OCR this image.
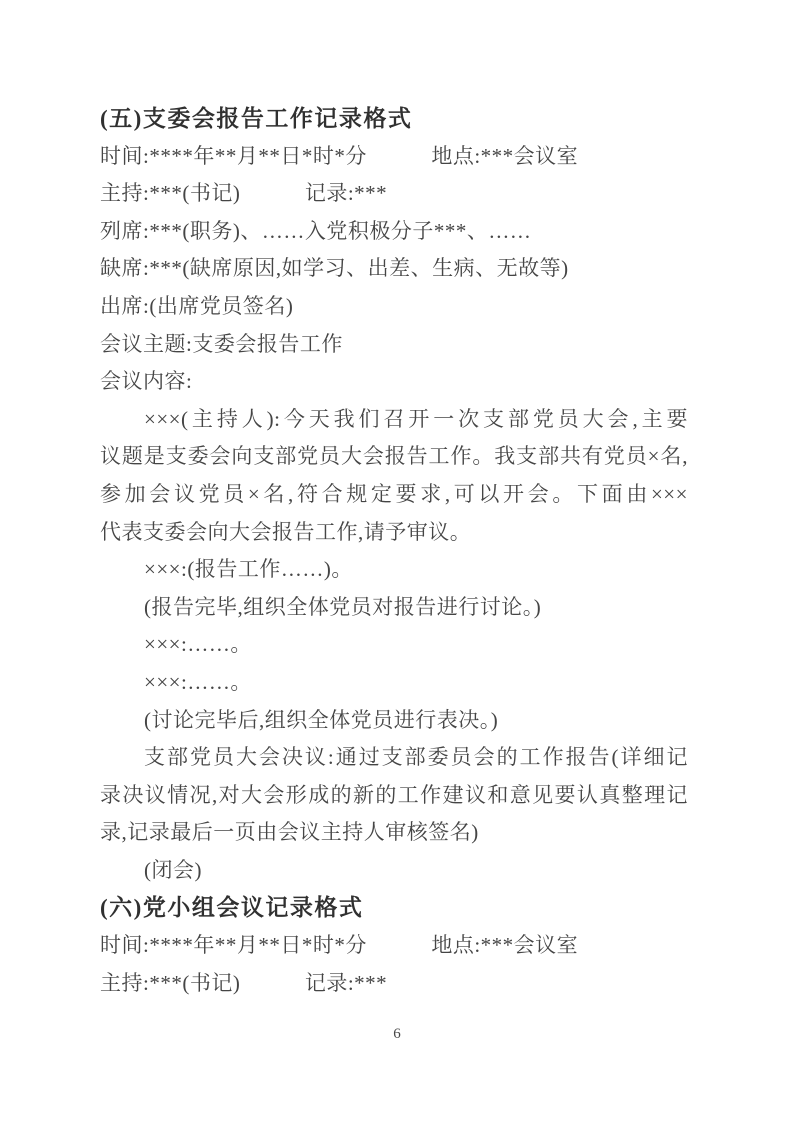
(五)支委会报告工作记录格式
时间:****年**月**日*时*分　　　地点:***会议室
主持:***(书记)　　　记录:***
列席:***(职务)、……入党积极分子***、……
缺席:***(缺席原因,如学习、出差、生病、无故等)
出席:(出席党员签名)
会议主题:支委会报告工作
会议内容:
×××(主持人):今天我们召开一次支部党员大会,主要
议题是支委会向支部党员大会报告工作。我支部共有党员×名,
参加会议党员×名,符合规定要求,可以开会。下面由×××
代表支委会向大会报告工作,请予审议。
×××:(报告工作……)。
(报告完毕,组织全体党员对报告进行讨论。)
×××:……。
×××:……。
(讨论完毕后,组织全体党员进行表决。)
支部党员大会决议:通过支部委员会的工作报告(详细记
录决议情况,对大会形成的新的工作建议和意见要认真整理记
录,记录最后一页由会议主持人审核签名)
(闭会)
(六)党小组会议记录格式
时间:****年**月**日*时*分　　　地点:***会议室
主持:***(书记)　　　记录:***
6
